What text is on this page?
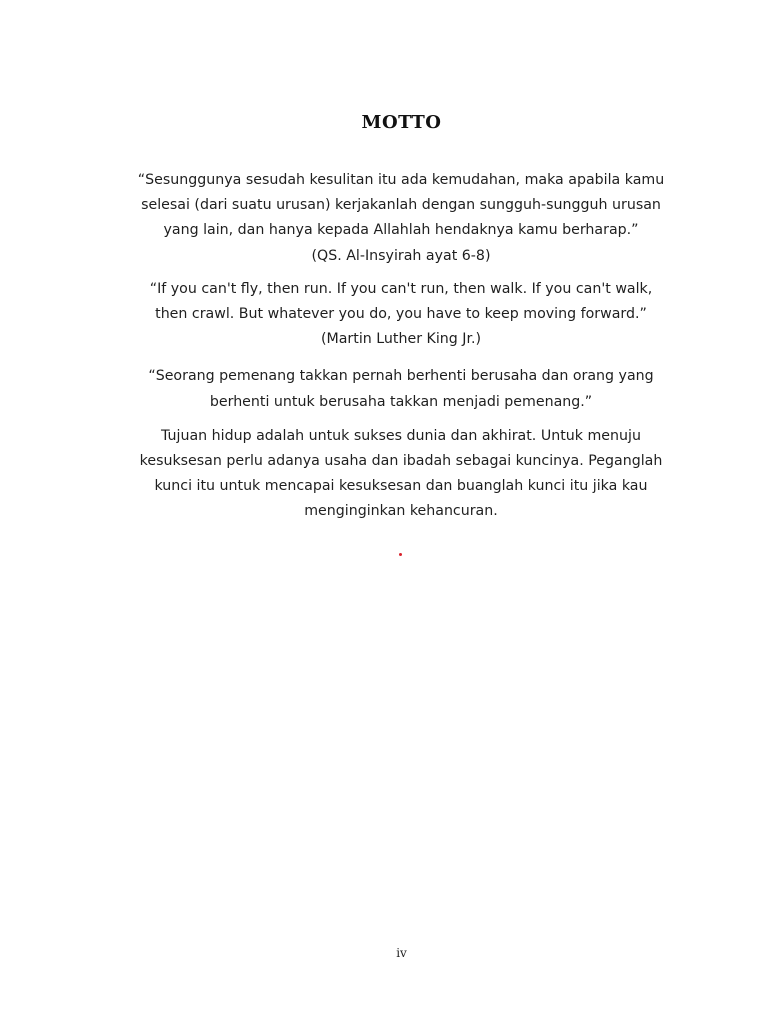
MOTTO
“Sesunggunya sesudah kesulitan itu ada kemudahan, maka apabila kamu
selesai (dari suatu urusan) kerjakanlah dengan sungguh-sungguh urusan
yang lain, dan hanya kepada Allahlah hendaknya kamu berharap.”
(QS. Al-Insyirah ayat 6-8)
“If you can't fly, then run. If you can't run, then walk. If you can't walk,
then crawl. But whatever you do, you have to keep moving forward.”
(Martin Luther King Jr.)
“Seorang pemenang takkan pernah berhenti berusaha dan orang yang
berhenti untuk berusaha takkan menjadi pemenang.”
Tujuan hidup adalah untuk sukses dunia dan akhirat. Untuk menuju
kesuksesan perlu adanya usaha dan ibadah sebagai kuncinya. Peganglah
kunci itu untuk mencapai kesuksesan dan buanglah kunci itu jika kau
menginginkan kehancuran.
iv
